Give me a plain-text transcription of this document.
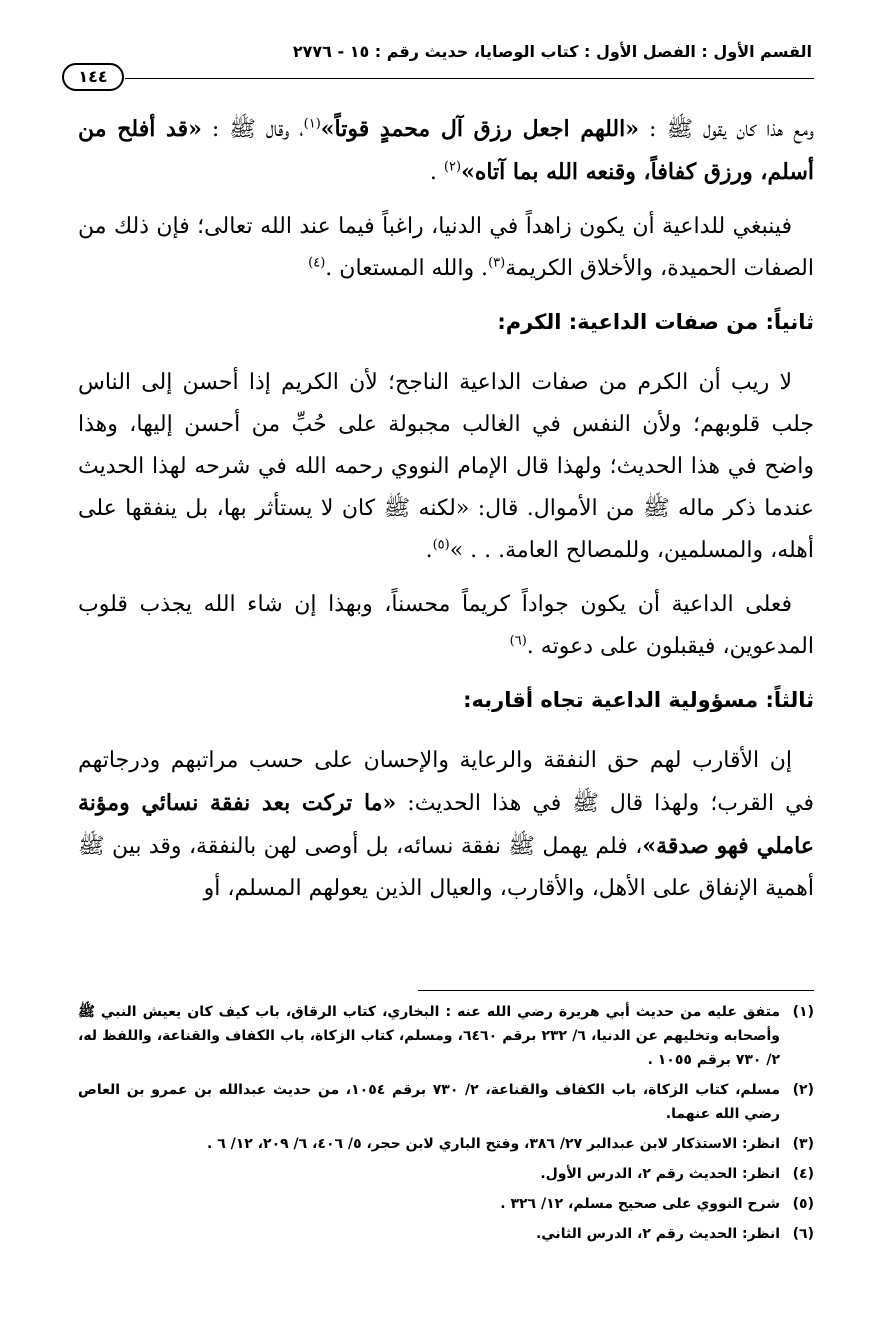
القسم الأول : الفصل الأول : كتاب الوصايا، حديث رقم : ١٥ - ٢٧٧٦
١٤٤

ومع هذا كان يقول ﷺ : «اللهم اجعل رزق آل محمدٍ قوتاً»$^{(١)}$، وقال ﷺ : «قد أفلح من أسلم، ورزق كفافاً، وقنعه الله بما آتاه»$^{(٢)}$ .

فينبغي للداعية أن يكون زاهداً في الدنيا، راغباً فيما عند الله تعالى؛ فإن ذلك من الصفات الحميدة، والأخلاق الكريمة$^{(٣)}$. والله المستعان .$^{(٤)}$

ثانياً: من صفات الداعية: الكرم:

لا ريب أن الكرم من صفات الداعية الناجح؛ لأن الكريم إذا أحسن إلى الناس جلب قلوبهم؛ ولأن النفس في الغالب مجبولة على حُبِّ من أحسن إليها، وهذا واضح في هذا الحديث؛ ولهذا قال الإمام النووي رحمه الله في شرحه لهذا الحديث عندما ذكر ماله ﷺ من الأموال. قال: «لكنه ﷺ كان لا يستأثر بها، بل ينفقها على أهله، والمسلمين، وللمصالح العامة. . . »$^{(٥)}$.

فعلى الداعية أن يكون جواداً كريماً محسناً، وبهذا إن شاء الله يجذب قلوب المدعوين، فيقبلون على دعوته .$^{(٦)}$

ثالثاً: مسؤولية الداعية تجاه أقاربه:

إن الأقارب لهم حق النفقة والرعاية والإحسان على حسب مراتبهم ودرجاتهم في القرب؛ ولهذا قال ﷺ في هذا الحديث: «ما تركت بعد نفقة نسائي ومؤنة عاملي فهو صدقة»، فلم يهمل ﷺ نفقة نسائه، بل أوصى لهن بالنفقة، وقد بين ﷺ أهمية الإنفاق على الأهل، والأقارب، والعيال الذين يعولهم المسلم، أو

(١)
متفق عليه من حديث أبي هريرة رضي الله عنه : البخاري، كتاب الرقاق، باب كيف كان يعيش النبي ﷺ وأصحابه وتخليهم عن الدنيا، ٦/ ٢٣٢ برقم ٦٤٦٠، ومسلم، كتاب الزكاة، باب الكفاف والقناعة، واللفظ له، ٢/ ٧٣٠ برقم ١٠٥٥ .
(٢)
مسلم، كتاب الزكاة، باب الكفاف والقناعة، ٢/ ٧٣٠ برقم ١٠٥٤، من حديث عبدالله بن عمرو بن العاص رضي الله عنهما.
(٣)
انظر: الاستذكار لابن عبدالبر ٢٧/ ٣٨٦، وفتح الباري لابن حجر، ٥/ ٤٠٦، ٦/ ٢٠٩، ١٢/ ٦ .
(٤)
انظر: الحديث رقم ٢، الدرس الأول.
(٥)
شرح النووي على صحيح مسلم، ١٢/ ٣٢٦ .
(٦)
انظر: الحديث رقم ٢، الدرس الثاني.
